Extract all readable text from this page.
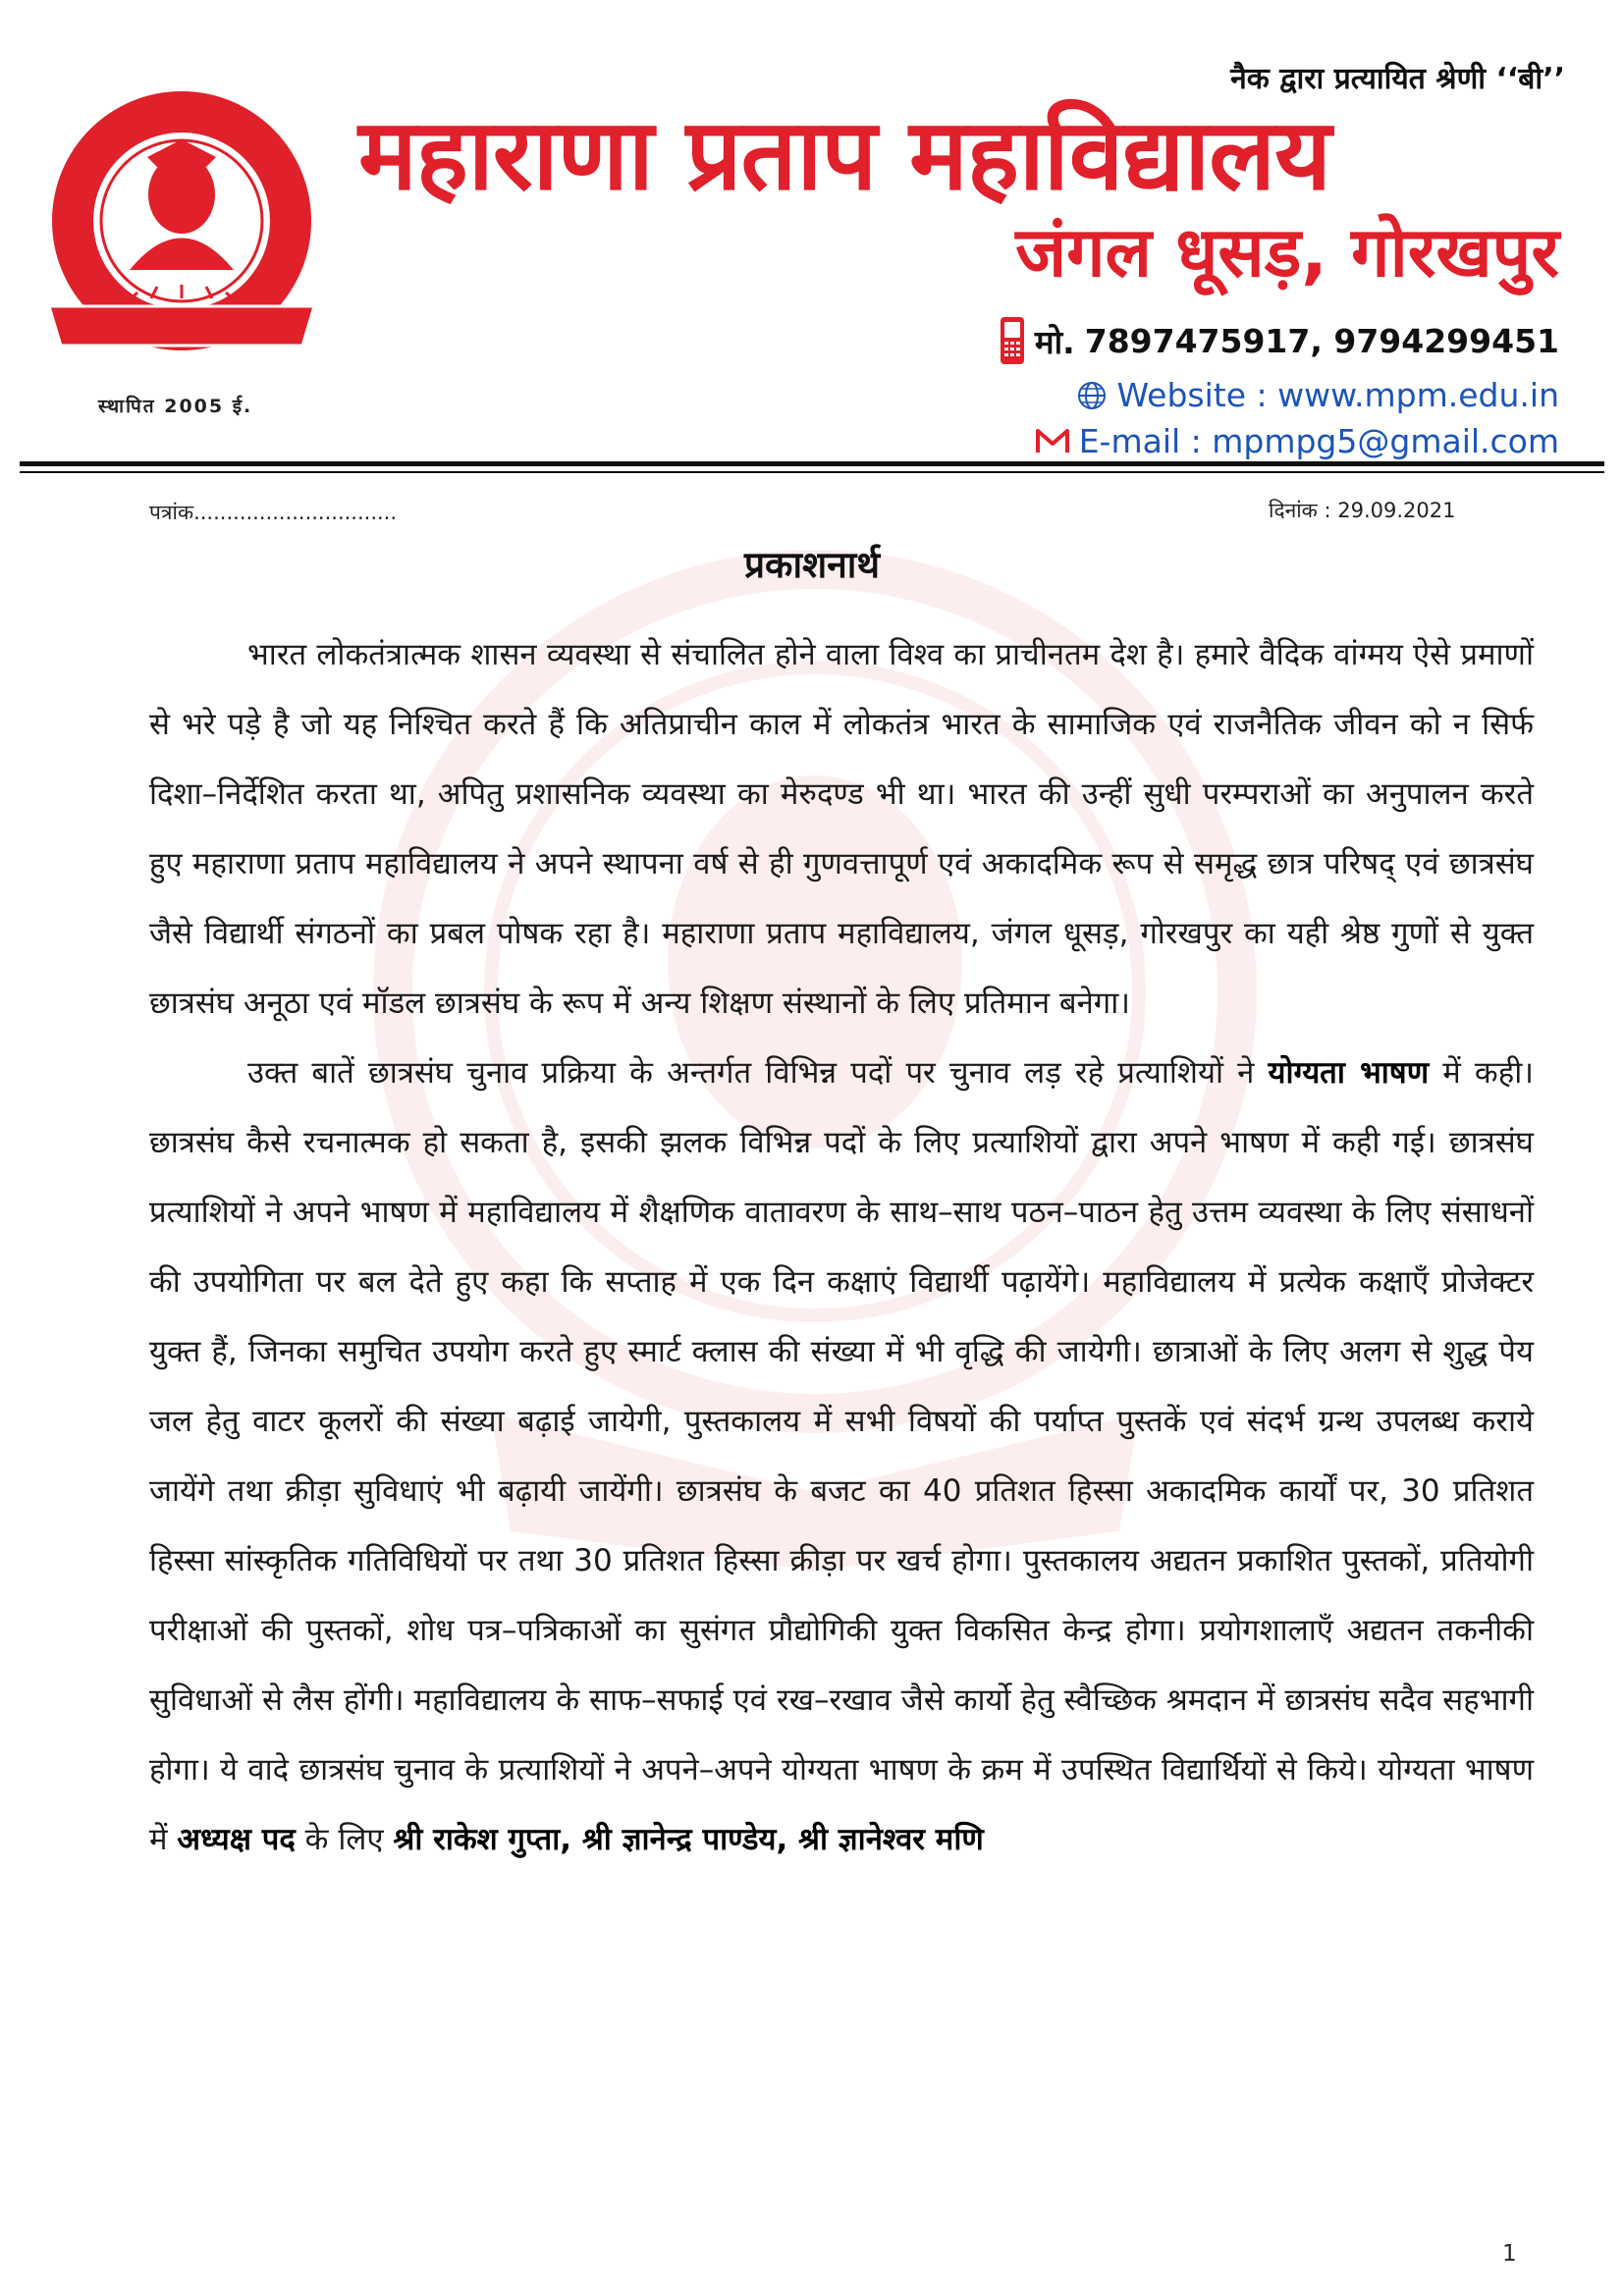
स्थापित 2005 ई.
नैक द्वारा प्रत्यायित श्रेणी ‘‘बी’’
महाराणा प्रताप महाविद्यालय
जंगल धूसड़, गोरखपुर
मो. 7897475917, 9794299451
Website : www.mpm.edu.in
E-mail : mpmpg5@gmail.com
पत्रांक...............................	दिनांक : 29.09.2021
प्रकाशनार्थ

भारत लोकतंत्रात्मक शासन व्यवस्था से संचालित होने वाला विश्व का प्राचीनतम देश है। हमारे वैदिक वांग्मय ऐसे प्रमाणों से भरे पड़े है जो यह निश्चित करते हैं कि अतिप्राचीन काल में लोकतंत्र भारत के सामाजिक एवं राजनैतिक जीवन को न सिर्फ दिशा–निर्देशित करता था, अपितु प्रशासनिक व्यवस्था का मेरुदण्ड भी था। भारत की उन्हीं सुधी परम्पराओं का अनुपालन करते हुए महाराणा प्रताप महाविद्यालय ने अपने स्थापना वर्ष से ही गुणवत्तापूर्ण एवं अकादमिक रूप से समृद्ध छात्र परिषद् एवं छात्रसंघ जैसे विद्यार्थी संगठनों का प्रबल पोषक रहा है। महाराणा प्रताप महाविद्यालय, जंगल धूसड़, गोरखपुर का यही श्रेष्ठ गुणों से युक्त छात्रसंघ अनूठा एवं मॉडल छात्रसंघ के रूप में अन्य शिक्षण संस्थानों के लिए प्रतिमान बनेगा।

उक्त बातें छात्रसंघ चुनाव प्रक्रिया के अन्तर्गत विभिन्न पदों पर चुनाव लड़ रहे प्रत्याशियों ने योग्यता भाषण में कही। छात्रसंघ कैसे रचनात्मक हो सकता है, इसकी झलक विभिन्न पदों के लिए प्रत्याशियों द्वारा अपने भाषण में कही गई। छात्रसंघ प्रत्याशियों ने अपने भाषण में महाविद्यालय में शैक्षणिक वातावरण के साथ–साथ पठन–पाठन हेतु उत्तम व्यवस्था के लिए संसाधनों की उपयोगिता पर बल देते हुए कहा कि सप्ताह में एक दिन कक्षाएं विद्यार्थी पढ़ायेंगे। महाविद्यालय में प्रत्येक कक्षाएँ प्रोजेक्टर युक्त हैं, जिनका समुचित उपयोग करते हुए स्मार्ट क्लास की संख्या में भी वृद्धि की जायेगी। छात्राओं के लिए अलग से शुद्ध पेय जल हेतु वाटर कूलरों की संख्या बढ़ाई जायेगी, पुस्तकालय में सभी विषयों की पर्याप्त पुस्तकें एवं संदर्भ ग्रन्थ उपलब्ध कराये जायेंगे तथा क्रीड़ा सुविधाएं भी बढ़ायी जायेंगी। छात्रसंघ के बजट का 40 प्रतिशत हिस्सा अकादमिक कार्यों पर, 30 प्रतिशत हिस्सा सांस्कृतिक गतिविधियों पर तथा 30 प्रतिशत हिस्सा क्रीड़ा पर खर्च होगा। पुस्तकालय अद्यतन प्रकाशित पुस्तकों, प्रतियोगी परीक्षाओं की पुस्तकों, शोध पत्र–पत्रिकाओं का सुसंगत प्रौद्योगिकी युक्त विकसित केन्द्र होगा। प्रयोगशालाएँ अद्यतन तकनीकी सुविधाओं से लैस होंगी। महाविद्यालय के साफ–सफाई एवं रख–रखाव जैसे कार्यो हेतु स्वैच्छिक श्रमदान में छात्रसंघ सदैव सहभागी होगा। ये वादे छात्रसंघ चुनाव के प्रत्याशियों ने अपने–अपने योग्यता भाषण के क्रम में उपस्थित विद्यार्थियों से किये। योग्यता भाषण में अध्यक्ष पद के लिए श्री राकेश गुप्ता, श्री ज्ञानेन्द्र पाण्डेय, श्री ज्ञानेश्वर मणि

1
